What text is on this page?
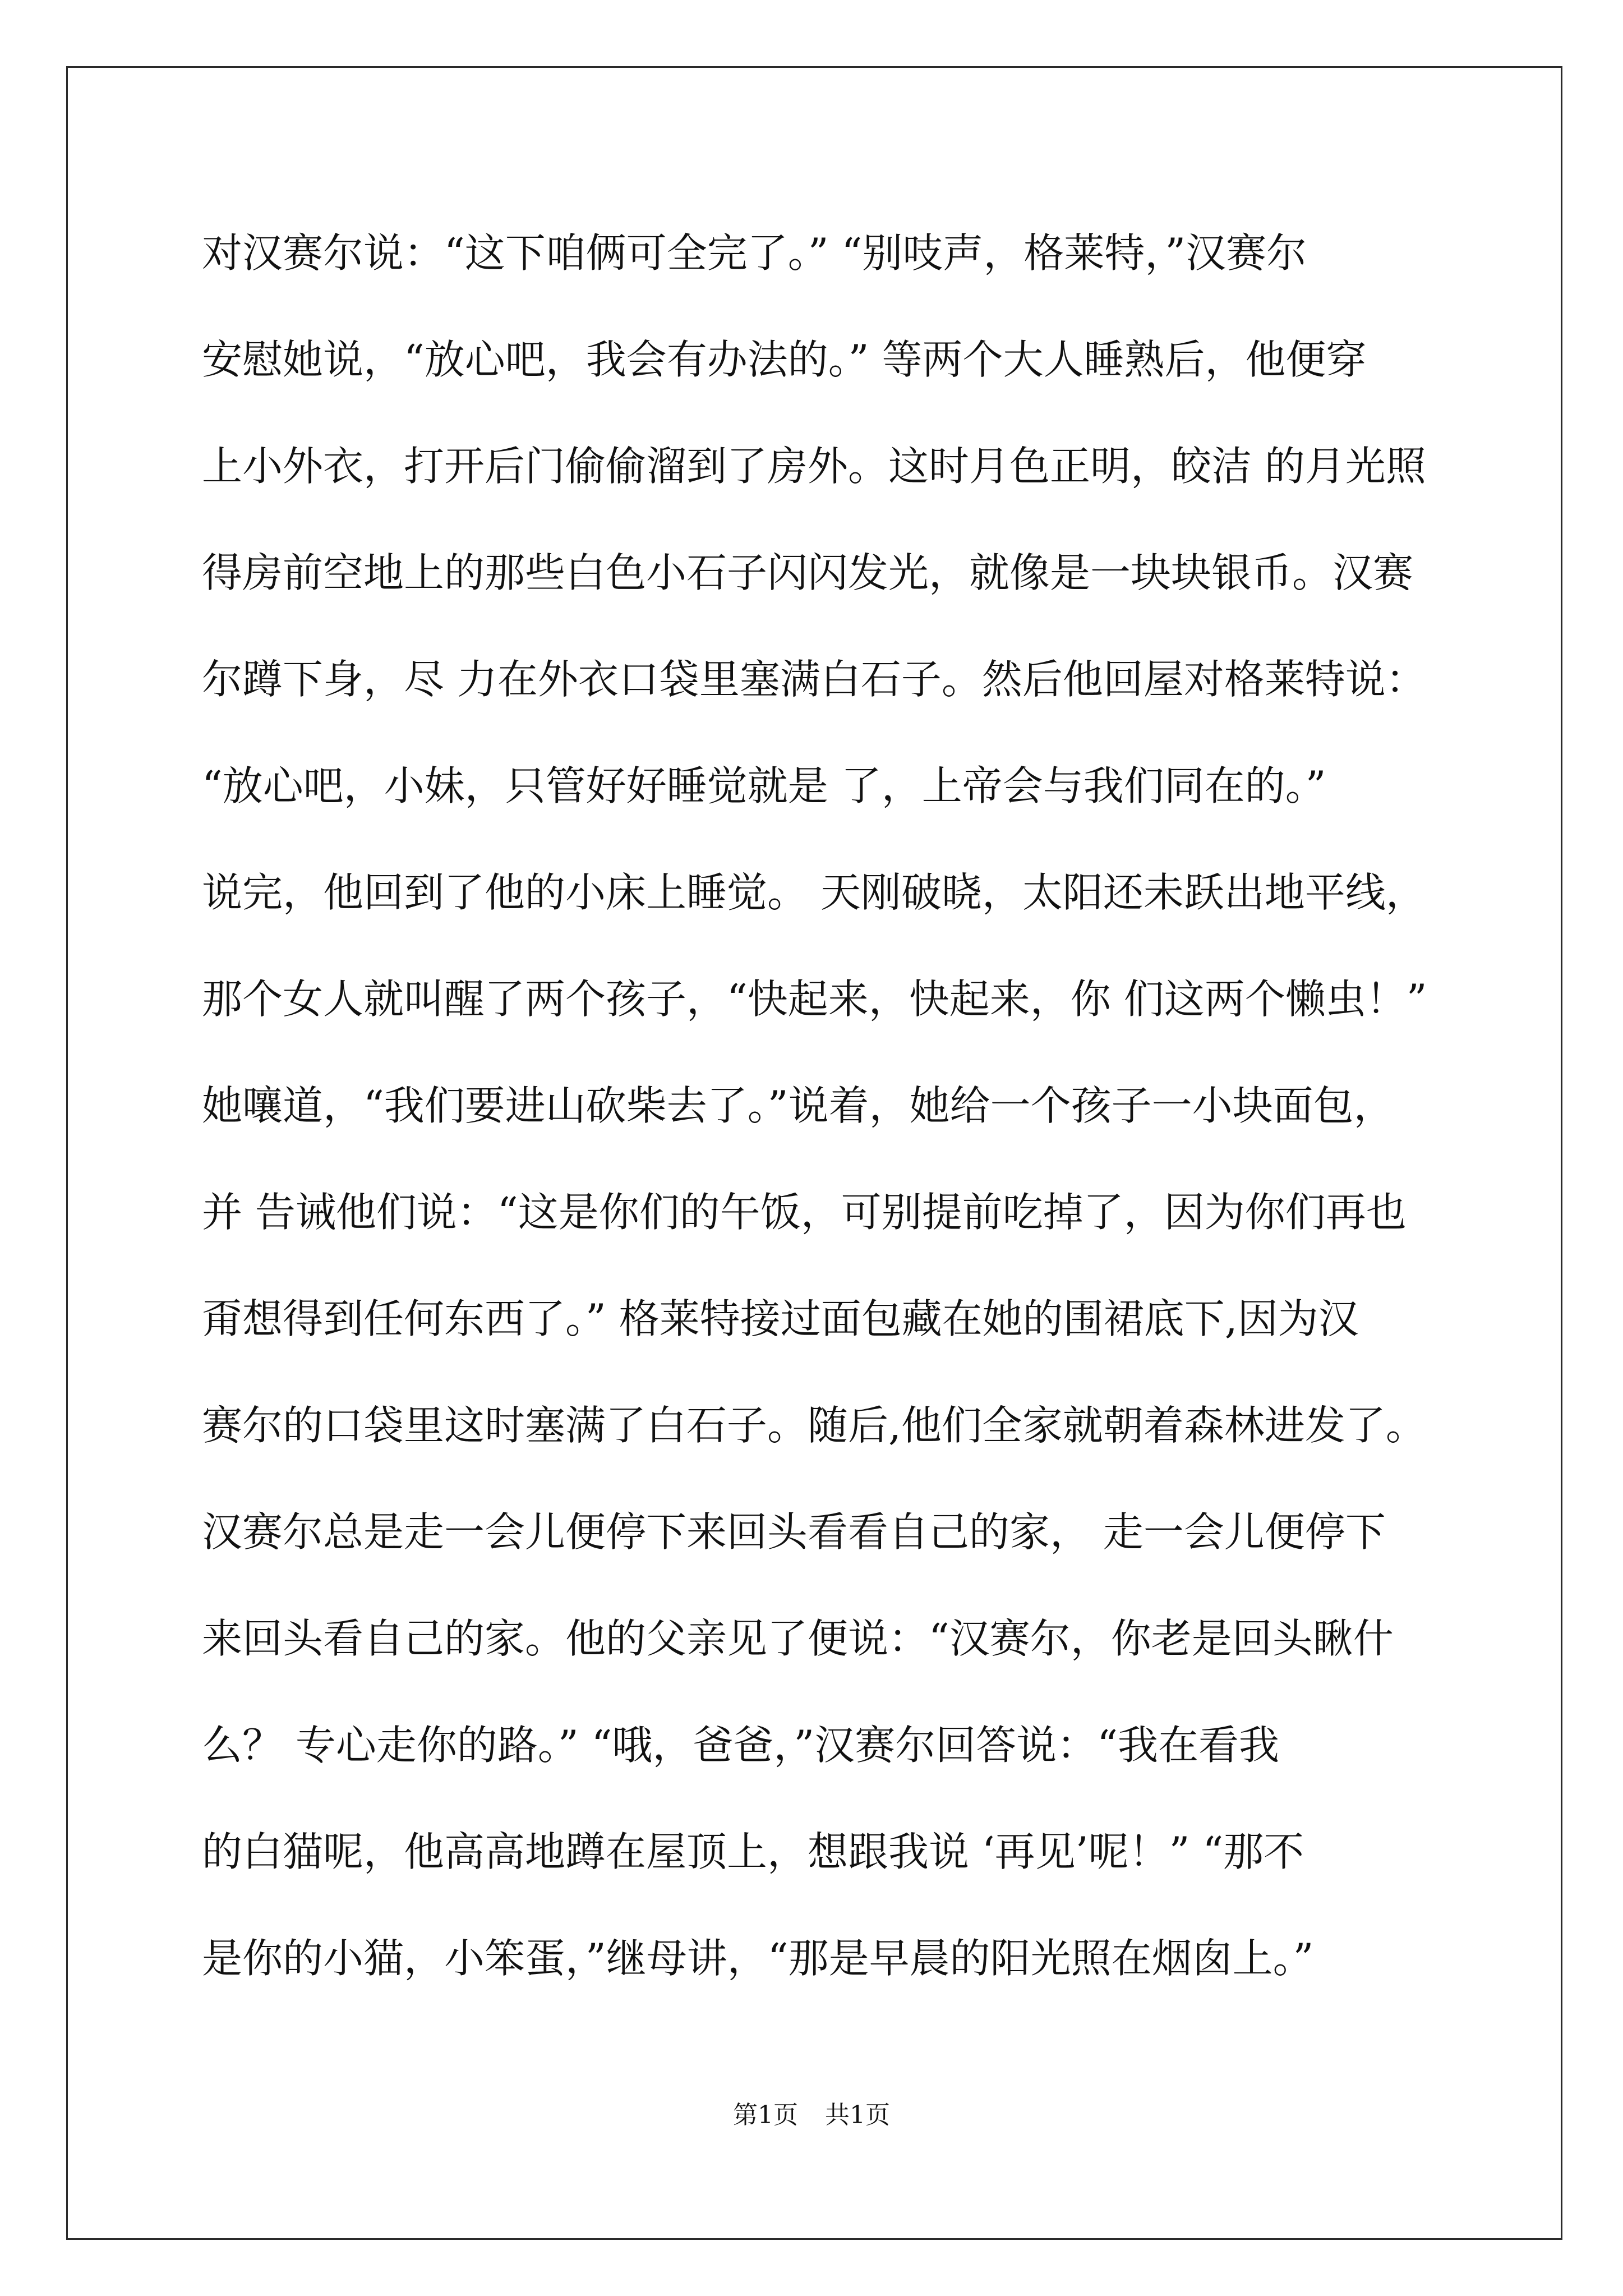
对汉赛尔说：“这下咱俩可全完了。” “别吱声，格莱特，”汉赛尔
安慰她说，“放心吧，我会有办法的。” 等两个大人睡熟后，他便穿
上小外衣，打开后门偷偷溜到了房外。这时月色正明，皎洁 的月光照
得房前空地上的那些白色小石子闪闪发光，就像是一块块银币。汉赛
尔蹲下身，尽 力在外衣口袋里塞满白石子。然后他回屋对格莱特说：
“放心吧，小妹，只管好好睡觉就是 了，上帝会与我们同在的。”
说完，他回到了他的小床上睡觉。 天刚破晓，太阳还未跃出地平线，
那个女人就叫醒了两个孩子，“快起来，快起来，你 们这两个懒虫！”
她嚷道，“我们要进山砍柴去了。”说着，她给一个孩子一小块面包，
并 告诫他们说：“这是你们的午饭，可别提前吃掉了，因为你们再也
甭想得到任何东西了。” 格莱特接过面包藏在她的围裙底下,因为汉
赛尔的口袋里这时塞满了白石子。随后,他们全家就朝着森林进发了。
汉赛尔总是走一会儿便停下来回头看看自己的家， 走一会儿便停下
来回头看自己的家。他的父亲见了便说：“汉赛尔，你老是回头瞅什
么？ 专心走你的路。” “哦，爸爸，”汉赛尔回答说：“我在看我
的白猫呢，他高高地蹲在屋顶上，想跟我说 ‘再见’呢！” “那不
是你的小猫，小笨蛋，”继母讲，“那是早晨的阳光照在烟囱上。”
第1页 共1页
